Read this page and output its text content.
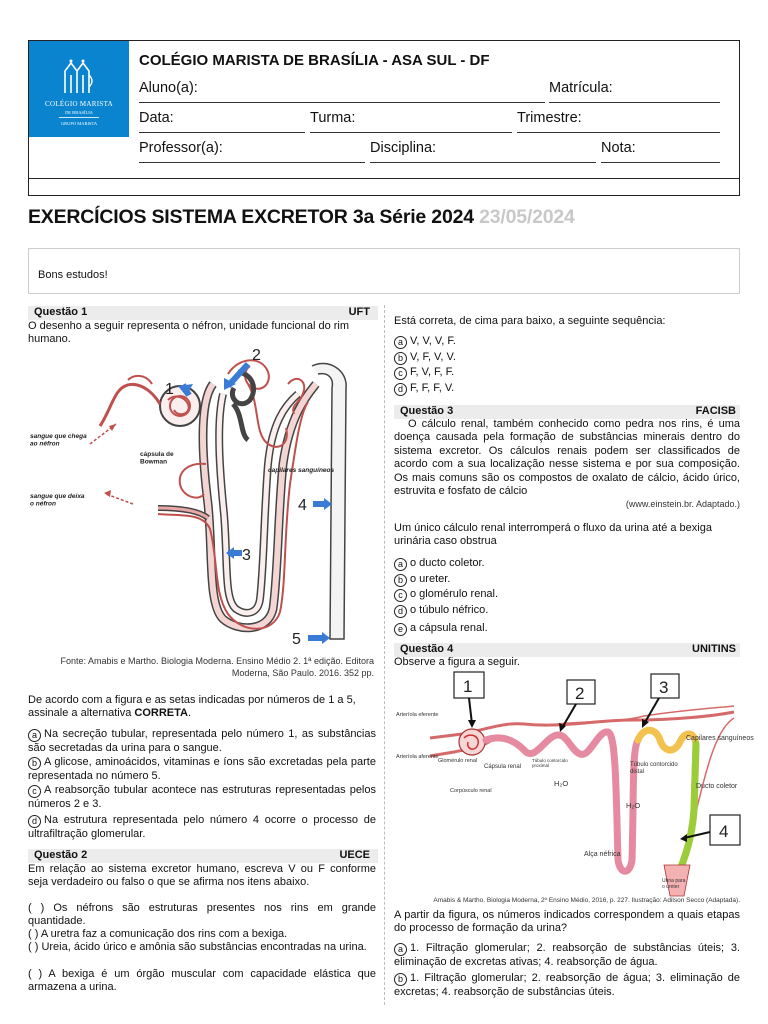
COLÉGIO MARISTA
DE BRASÍLIA
GRUPO MARISTA
COLÉGIO MARISTA DE BRASÍLIA - ASA SUL - DF
Aluno(a):	Matrícula:
Data:	Turma:	Trimestre:
Professor(a):	Disciplina:	Nota:
EXERCÍCIOS SISTEMA EXCRETOR 3a Série 2024 23/05/2024
Bons estudos!
Questão 1	UFT
O desenho a seguir representa o néfron, unidade funcional do rim humano.
1
2
3
4
5
sangue que chega ao néfron
cápsula de Bowman
capilares sanguíneos
sangue que deixa o néfron
Fonte: Amabis e Martho. Biologia Moderna. Ensino Médio 2. 1ª edição. Editora Moderna, São Paulo. 2016. 352 pp.
De acordo com a figura e as setas indicadas por números de 1 a 5, assinale a alternativa CORRETA.
a Na secreção tubular, representada pelo número 1, as substâncias são secretadas da urina para o sangue.
b A glicose, aminoácidos, vitaminas e íons são excretadas pela parte representada no número 5.
c A reabsorção tubular acontece nas estruturas representadas pelos números 2 e 3.
d Na estrutura representada pelo número 4 ocorre o processo de ultrafiltração glomerular.
Questão 2	UECE
Em relação ao sistema excretor humano, escreva V ou F conforme seja verdadeiro ou falso o que se afirma nos itens abaixo.
( ) Os néfrons são estruturas presentes nos rins em grande quantidade.
( ) A uretra faz a comunicação dos rins com a bexiga.
( ) Ureia, ácido úrico e amônia são substâncias encontradas na urina.
( ) A bexiga é um órgão muscular com capacidade elástica que armazena a urina.
Está correta, de cima para baixo, a seguinte sequência:
a V, V, V, F.
b V, F, V, V.
c F, V, F, F.
d F, F, F, V.
Questão 3	FACISB
O cálculo renal, também conhecido como pedra nos rins, é uma doença causada pela formação de substâncias minerais dentro do sistema excretor. Os cálculos renais podem ser classificados de acordo com a sua localização nesse sistema e por sua composição. Os mais comuns são os compostos de oxalato de cálcio, ácido úrico, estruvita e fosfato de cálcio
(www.einstein.br. Adaptado.)
Um único cálculo renal interromperá o fluxo da urina até a bexiga urinária caso obstrua
a o ducto coletor.
b o ureter.
c o glomérulo renal.
d o túbulo néfrico.
e a cápsula renal.
Questão 4	UNITINS
Observe a figura a seguir.
1	2	3
4
Arteríola eferente
Arteríola aferente
Glomérulo renal
Cápsula renal
Corpúsculo renal
Túbulo contorcido proximal	Túbulo contorcido distal
Capilares sanguíneos
Ducto coletor
Alça néfrica
H₂O
H₂O
Urina para o ureter
Amabis & Martho. Biologia Moderna, 2º Ensino Médio, 2016, p. 227. Ilustração: Adilson Secco (Adaptada).
A partir da figura, os números indicados correspondem a quais etapas do processo de formação da urina?
a 1. Filtração glomerular; 2. reabsorção de substâncias úteis; 3. eliminação de excretas ativas; 4. reabsorção de água.
b 1. Filtração glomerular; 2. reabsorção de água; 3. eliminação de excretas; 4. reabsorção de substâncias úteis.
